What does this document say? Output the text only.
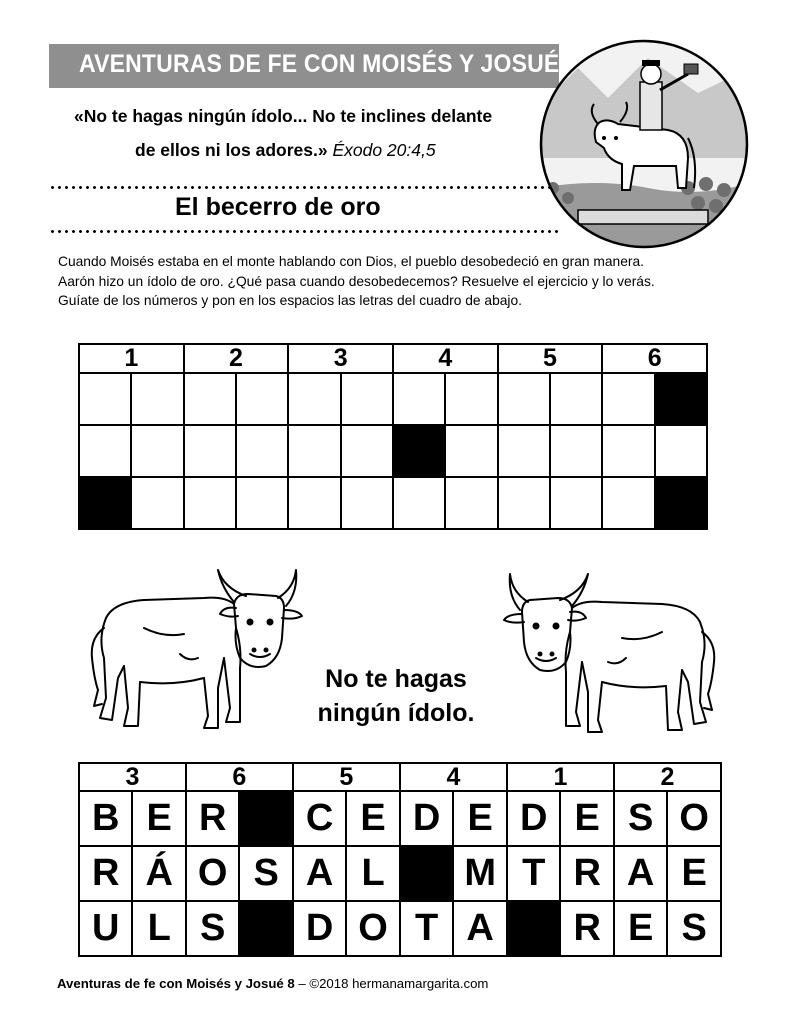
AVENTURAS DE FE CON MOISÉS Y JOSUÉ
«No te hagas ningún ídolo... No te inclines delante
de ellos ni los adores.» Éxodo 20:4,5
El becerro de oro

Cuando Moisés estaba en el monte hablando con Dios, el pueblo desobedeció en gran manera.

Aarón hizo un ídolo de oro. ¿Qué pasa cuando desobedecemos? Resuelve el ejercicio y lo verás.

Guíate de los números y pon en los espacios las letras del cuadro de abajo.

1		2		3		4		5		6	

No te hagas
ningún ídolo.
3		6		5		4		1		2	
B	E	R		C	E	D	E	D	E	S	O
R	Á	O	S	A	L		M	T	R	A	E
U	L	S		D	O	T	A		R	E	S
Aventuras de fe con Moisés y Josué 8 – ©2018 hermanamargarita.com
